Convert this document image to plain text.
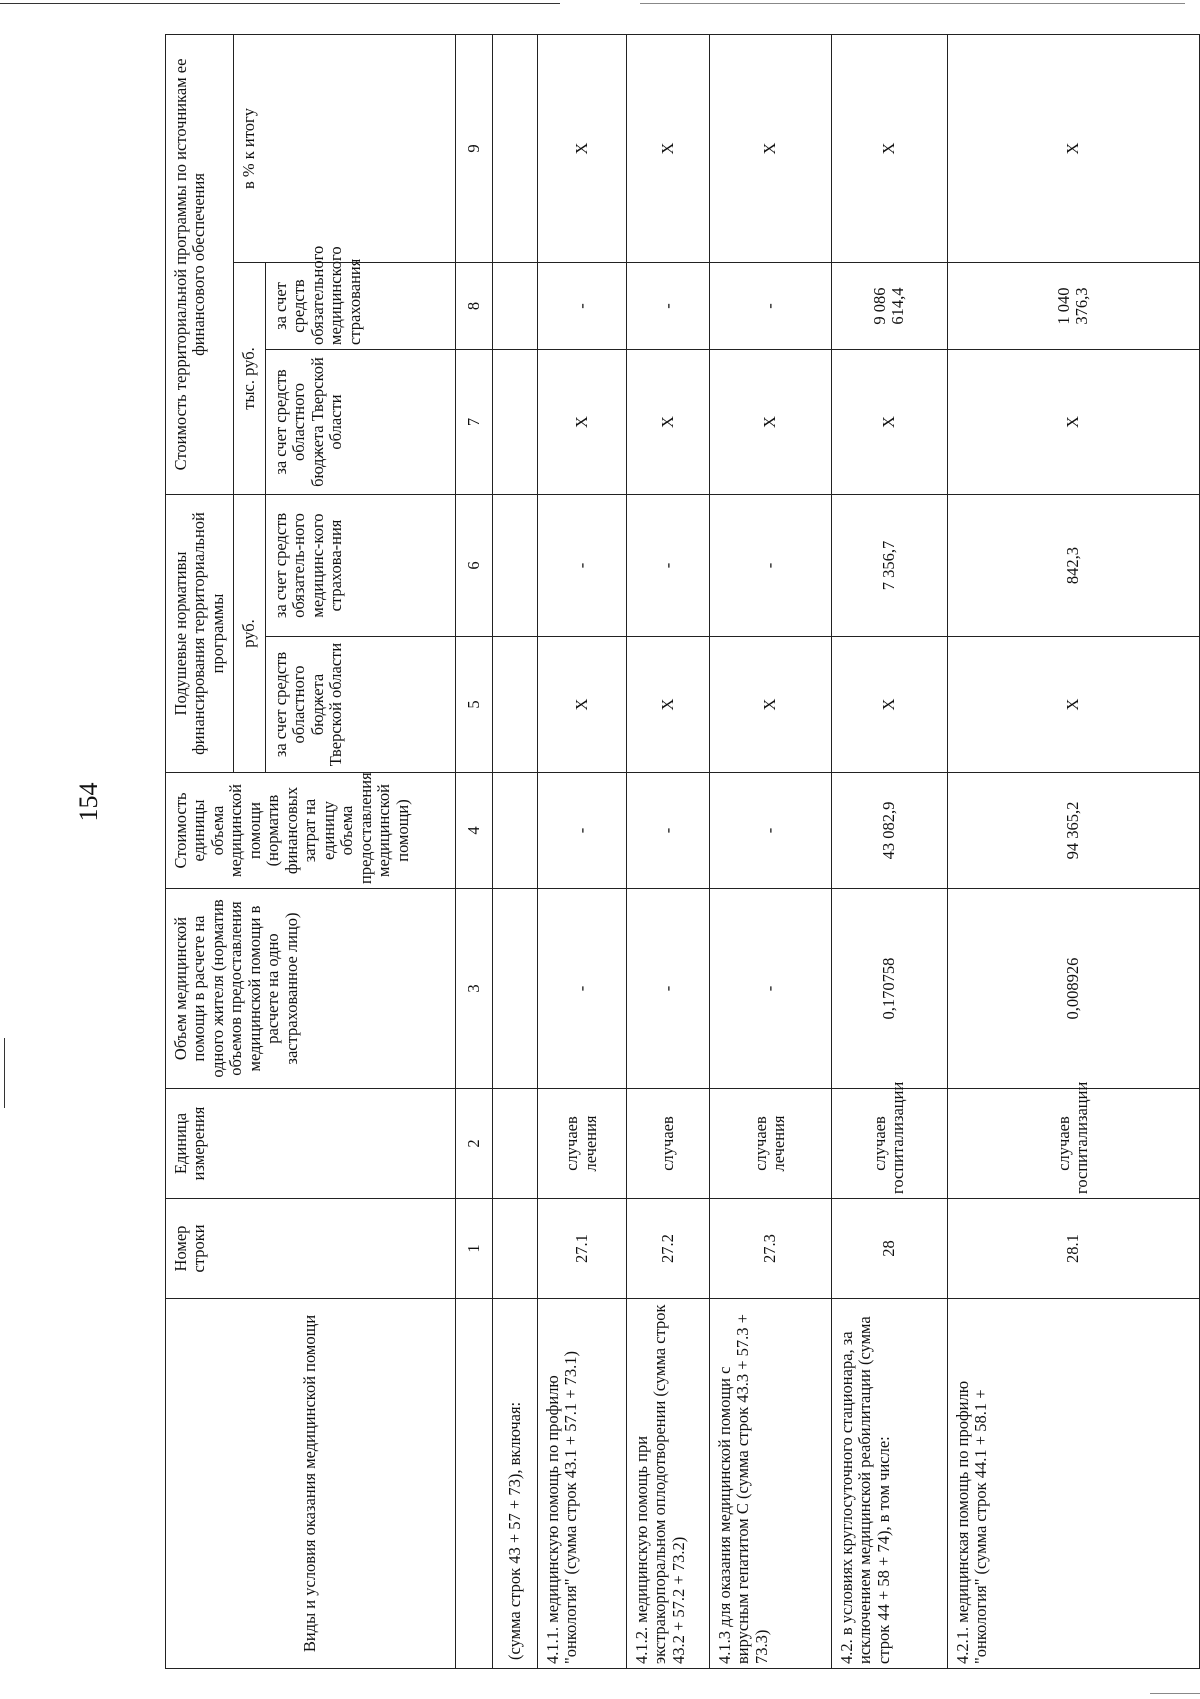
154
Виды и условия оказания медицинской помощи	Номер строки	Единица измерения	Объем медицинской помощи в расчете на одного жителя (норматив объемов предоставления медицинской помощи в расчете на одно застрахованное лицо)	Стоимость единицы объема медицинской помощи (норматив финансовых затрат на единицу объема предоставления медицинской помощи)	Подушевые нормативы финансирования территориальной программы		Стоимость территориальной программы по источникам ее финансового обеспечения		
					руб.		тыс. руб.		в % к итогу
					за счет средств областного бюджета Тверской области	за счет средств обязатель-ного медицинс-кого страхова-ния	за счет средств областного бюджета Тверской области	за счет средств обязательного медицинского страхования	
	1	2	3	4	5	6	7	8	9
(сумма строк 43 + 57 + 73), включая:									
4.1.1. медицинскую помощь по профилю "онкология" (сумма строк 43.1 + 57.1 + 73.1)	27.1	случаев лечения	-	-	Х	-	Х	-	Х
4.1.2. медицинскую помощь при экстракорпоральном оплодотворении (сумма строк 43.2 + 57.2 + 73.2)	27.2	случаев	-	-	Х	-	Х	-	Х
4.1.3 для оказания медицинской помощи с вирусным гепатитом С (сумма строк 43.3 + 57.3 + 73.3)	27.3	случаев лечения	-	-	Х	-	Х	-	Х
4.2. в условиях круглосуточного стационара, за исключением медицинской реабилитации (сумма строк 44 + 58 + 74), в том числе:	28	случаев госпитализации	0,170758	43 082,9	Х	7 356,7	Х	9 086 614,4	Х
4.2.1. медицинская помощь по профилю "онкология" (сумма строк 44.1 + 58.1 +	28.1	случаев госпитализации	0,008926	94 365,2	Х	842,3	Х	1 040 376,3	Х
